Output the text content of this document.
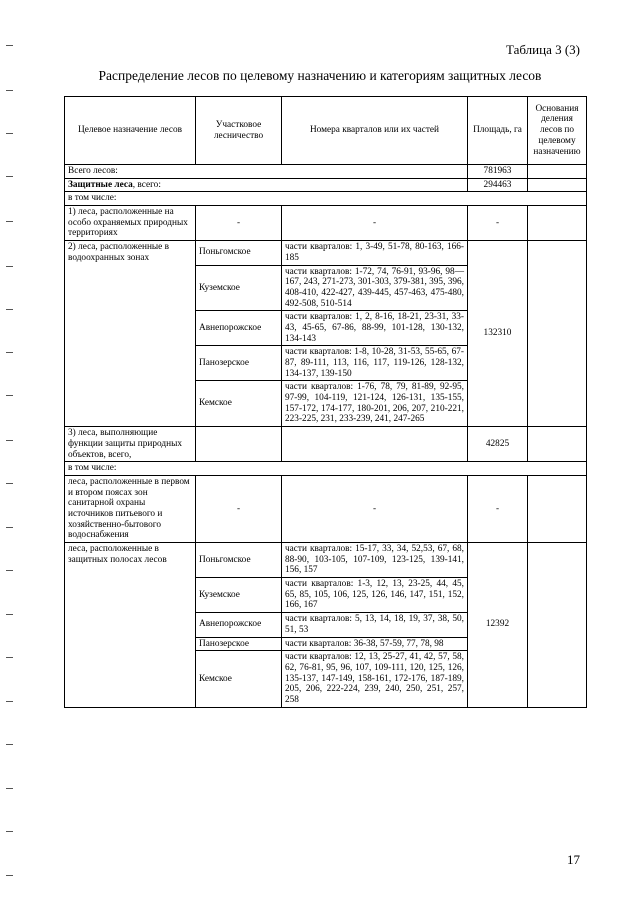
Таблица 3 (3)
Распределение лесов по целевому назначению и категориям защитных лесов
Целевое назначение лесов	Участковое лесничество	Номера кварталов или их частей	Площадь, га	Основания деления лесов по целевому назначению
Всего лесов:			781963	
Защитные леса, всего:			294463	
в том числе:				
1) леса, расположенные на особо охраняемых природных территориях	-	-	-	
2) леса, расположенные в водоохранных зонах	Поньгомское	части кварталов: 1, 3-49, 51-78, 80-163, 166-185	132310	
	Куземское	части кварталов: 1-72, 74, 76-91, 93-96, 98—167, 243, 271-273, 301-303, 379-381, 395, 396, 408-410, 422-427, 439-445, 457-463, 475-480, 492-508, 510-514		
	Авнепорожское	части кварталов: 1, 2, 8-16, 18-21, 23-31, 33-43, 45-65, 67-86, 88-99, 101-128, 130-132, 134-143		
	Панозерское	части кварталов: 1-8, 10-28, 31-53, 55-65, 67-87, 89-111, 113, 116, 117, 119-126, 128-132, 134-137, 139-150		
	Кемское	части кварталов: 1-76, 78, 79, 81-89, 92-95, 97-99, 104-119, 121-124, 126-131, 135-155, 157-172, 174-177, 180-201, 206, 207, 210-221, 223-225, 231, 233-239, 241, 247-265		
3) леса, выполняющие функции защиты природных объектов, всего,			42825	
в том числе:				
леса, расположенные в первом и втором поясах зон санитарной охраны источников питьевого и хозяйственно-бытового водоснабжения	-	-	-	
леса, расположенные в защитных полосах лесов	Поньгомское	части кварталов: 15-17, 33, 34, 52,53, 67, 68, 88-90, 103-105, 107-109, 123-125, 139-141, 156, 157	12392	
	Куземское	части кварталов: 1-3, 12, 13, 23-25, 44, 45, 65, 85, 105, 106, 125, 126, 146, 147, 151, 152, 166, 167		
	Авнепорожское	части кварталов: 5, 13, 14, 18, 19, 37, 38, 50, 51, 53		
	Панозерское	части кварталов: 36-38, 57-59, 77, 78, 98		
	Кемское	части кварталов: 12, 13, 25-27, 41, 42, 57, 58, 62, 76-81, 95, 96, 107, 109-111, 120, 125, 126, 135-137, 147-149, 158-161, 172-176, 187-189, 205, 206, 222-224, 239, 240, 250, 251, 257, 258		
17
